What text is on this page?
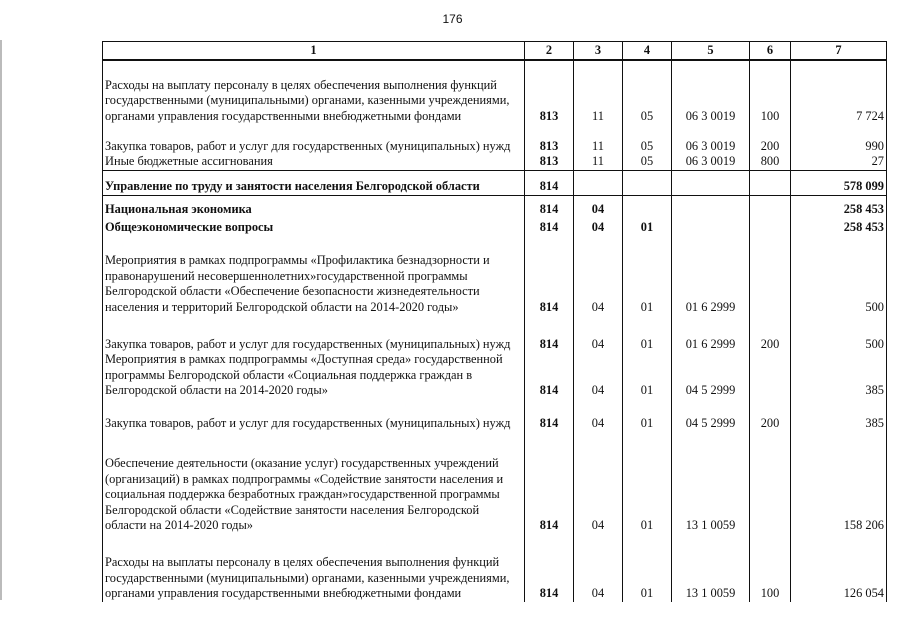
176
1	2	3	4	5	6	7
Расходы на выплату персоналу в целях обеспечения выполнения функций государственными (муниципальными) органами, казенными учреждениями, органами управления государственными внебюджетными фондами	813	11	05	06 3 0019	100	7 724
Закупка товаров, работ и услуг для государственных (муниципальных) нужд	813	11	05	06 3 0019	200	990
Иные бюджетные ассигнования	813	11	05	06 3 0019	800	27

Управление по труду и занятости населения Белгородской области	814					578 099

Национальная экономика	814	04				258 453
Общеэкономические вопросы	814	04	01			258 453
Мероприятия в рамках подпрограммы «Профилактика безнадзорности и правонарушений несовершеннолетних»государственной программы Белгородской области «Обеспечение безопасности жизнедеятельности населения и территорий Белгородской области на 2014-2020 годы»	814	04	01	01 6 2999		500
Закупка товаров, работ и услуг для государственных (муниципальных) нужд	814	04	01	01 6 2999	200	500
Мероприятия в рамках подпрограммы «Доступная среда» государственной программы Белгородской области «Социальная поддержка граждан в Белгородской области на 2014-2020 годы»	814	04	01	04 5 2999		385
Закупка товаров, работ и услуг для государственных (муниципальных) нужд	814	04	01	04 5 2999	200	385
Обеспечение деятельности (оказание услуг) государственных учреждений (организаций) в рамках подпрограммы «Содействие занятости населения и социальная поддержка безработных граждан»государственной программы Белгородской области «Содействие занятости населения Белгородской области на 2014-2020 годы»	814	04	01	13 1 0059		158 206
Расходы на выплаты персоналу в целях обеспечения выполнения функций государственными (муниципальными) органами, казенными учреждениями, органами управления государственными внебюджетными фондами	814	04	01	13 1 0059	100	126 054
